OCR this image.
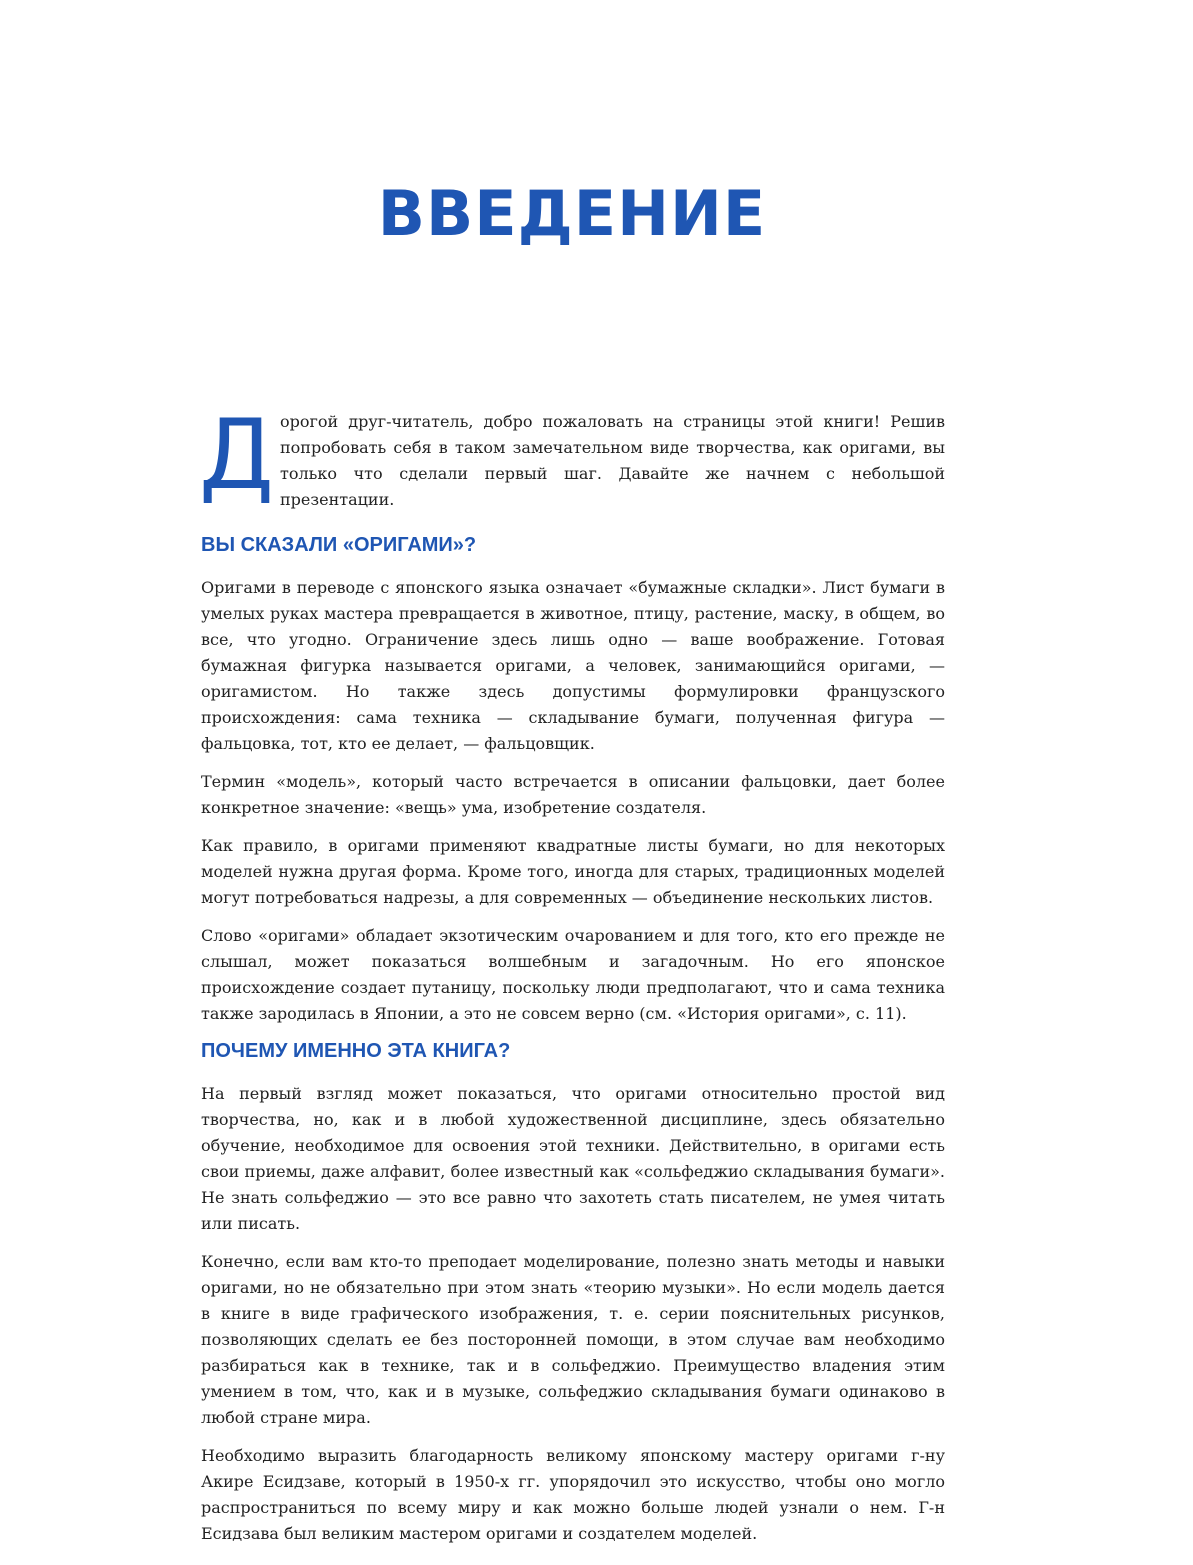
ВВЕДЕНИЕ

Дорогой друг-читатель, добро пожаловать на страницы этой книги! Решив попробовать себя в таком замечательном виде творчества, как оригами, вы только что сделали первый шаг. Давайте же начнем с небольшой презентации.

ВЫ СКАЗАЛИ «ОРИГАМИ»?

Оригами в переводе с японского языка означает «бумажные складки». Лист бумаги в умелых руках мастера превращается в животное, птицу, растение, маску, в общем, во все, что угодно. Ограничение здесь лишь одно — ваше воображение. Готовая бумажная фигурка называется оригами, а человек, занимающийся оригами, — оригамистом. Но также здесь допустимы формулировки французского происхождения: сама техника — складывание бумаги, полученная фигура — фальцовка, тот, кто ее делает, — фальцовщик.

Термин «модель», который часто встречается в описании фальцовки, дает более конкретное значение: «вещь» ума, изобретение создателя.

Как правило, в оригами применяют квадратные листы бумаги, но для некоторых моделей нужна другая форма. Кроме того, иногда для старых, традиционных моделей могут потребоваться надрезы, а для современных — объединение нескольких листов.

Слово «оригами» обладает экзотическим очарованием и для того, кто его прежде не слышал, может показаться волшебным и загадочным. Но его японское происхождение создает путаницу, поскольку люди предполагают, что и сама техника также зародилась в Японии, а это не совсем верно (см. «История оригами», с. 11).

ПОЧЕМУ ИМЕННО ЭТА КНИГА?

На первый взгляд может показаться, что оригами относительно простой вид творчества, но, как и в любой художественной дисциплине, здесь обязательно обучение, необходимое для освоения этой техники. Действительно, в оригами есть свои приемы, даже алфавит, более известный как «сольфеджио складывания бумаги». Не знать сольфеджио — это все равно что захотеть стать писателем, не умея читать или писать.

Конечно, если вам кто-то преподает моделирование, полезно знать методы и навыки оригами, но не обязательно при этом знать «теорию музыки». Но если модель дается в книге в виде графического изображения, т. е. серии пояснительных рисунков, позволяющих сделать ее без посторонней помощи, в этом случае вам необходимо разбираться как в технике, так и в сольфеджио. Преимущество владения этим умением в том, что, как и в музыке, сольфеджио складывания бумаги одинаково в любой стране мира.

Необходимо выразить благодарность великому японскому мастеру оригами г-ну Акире Есидзаве, который в 1950-х гг. упорядочил это искусство, чтобы оно могло распространиться по всему миру и как можно больше людей узнали о нем. Г-н Есидзава был великим мастером оригами и создателем моделей.
